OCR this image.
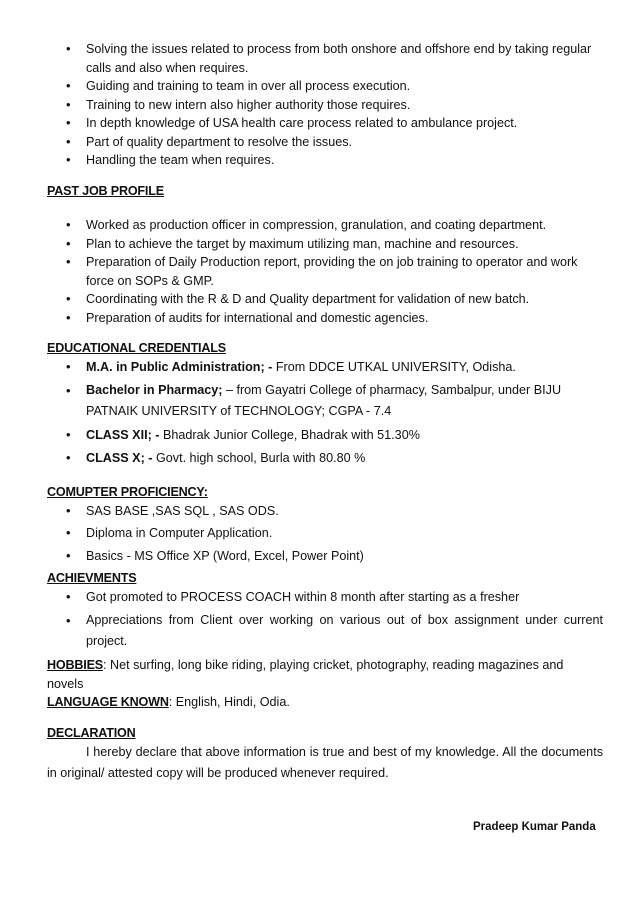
• Solving the issues related to process from both onshore and offshore end by taking regular calls and also when requires.
• Guiding and training to team in over all process execution.
• Training to new intern also higher authority those requires.
• In depth knowledge of USA health care process related to ambulance project.
• Part of quality department to resolve the issues.
• Handling the team when requires.
PAST JOB PROFILE
• Worked as production officer in compression, granulation, and coating department.
• Plan to achieve the target by maximum utilizing man, machine and resources.
• Preparation of Daily Production report, providing the on job training to operator and work force on SOPs & GMP.
• Coordinating with the R & D and Quality department for validation of new batch.
• Preparation of audits for international and domestic agencies.
EDUCATIONAL CREDENTIALS
• M.A. in Public Administration; - From DDCE UTKAL UNIVERSITY, Odisha.
• Bachelor in Pharmacy; – from Gayatri College of pharmacy, Sambalpur, under BIJU PATNAIK UNIVERSITY of TECHNOLOGY; CGPA - 7.4
• CLASS XII; - Bhadrak Junior College, Bhadrak with 51.30%
• CLASS X; - Govt. high school, Burla with 80.80 %
COMUPTER PROFICIENCY:
• SAS BASE ,SAS SQL , SAS ODS.
• Diploma in Computer Application.
• Basics - MS Office XP (Word, Excel, Power Point)
ACHIEVMENTS
• Got promoted to PROCESS COACH within 8 month after starting as a fresher
• Appreciations from Client over working on various out of box assignment under current project.
HOBBIES: Net surfing, long bike riding, playing cricket, photography, reading magazines and novels
LANGUAGE KNOWN: English, Hindi, Odia.
DECLARATION
I hereby declare that above information is true and best of my knowledge. All the documents in original/ attested copy will be produced whenever required.
Pradeep Kumar Panda
